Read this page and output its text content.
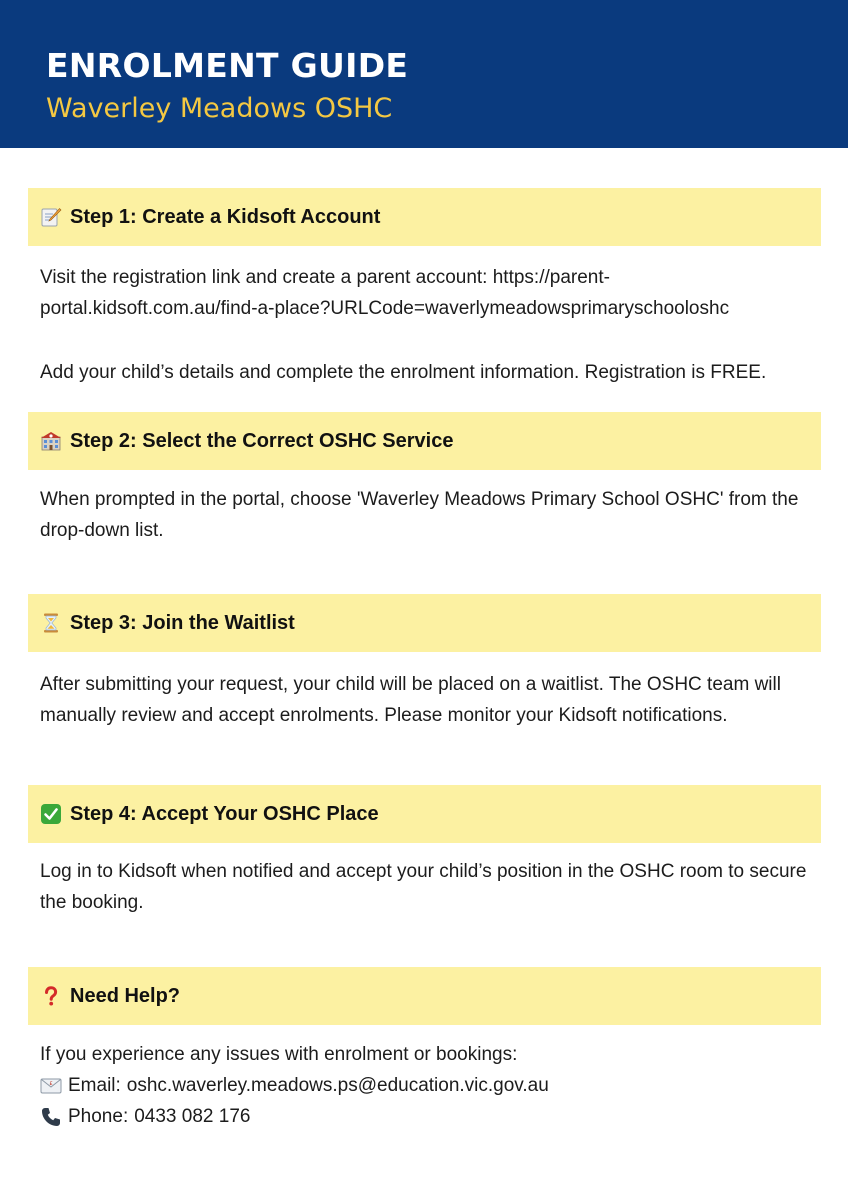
ENROLMENT GUIDE
Waverley Meadows OSHC
Step 1: Create a Kidsoft Account

Visit the registration link and create a parent account: https://parent-portal.kidsoft.com.au/find-a-place?URLCode=waverlymeadowsprimaryschooloshc

Add your child’s details and complete the enrolment information. Registration is FREE.

Step 2: Select the Correct OSHC Service

When prompted in the portal, choose 'Waverley Meadows Primary School OSHC' from the drop-down list.

Step 3: Join the Waitlist

After submitting your request, your child will be placed on a waitlist. The OSHC team will manually review and accept enrolments. Please monitor your Kidsoft notifications.

Step 4: Accept Your OSHC Place

Log in to Kidsoft when notified and accept your child’s position in the OSHC room to secure the booking.

Need Help?
If you experience any issues with enrolment or bookings:
£ Email: oshc.waverley.meadows.ps@education.vic.gov.au
Phone: 0433 082 176
